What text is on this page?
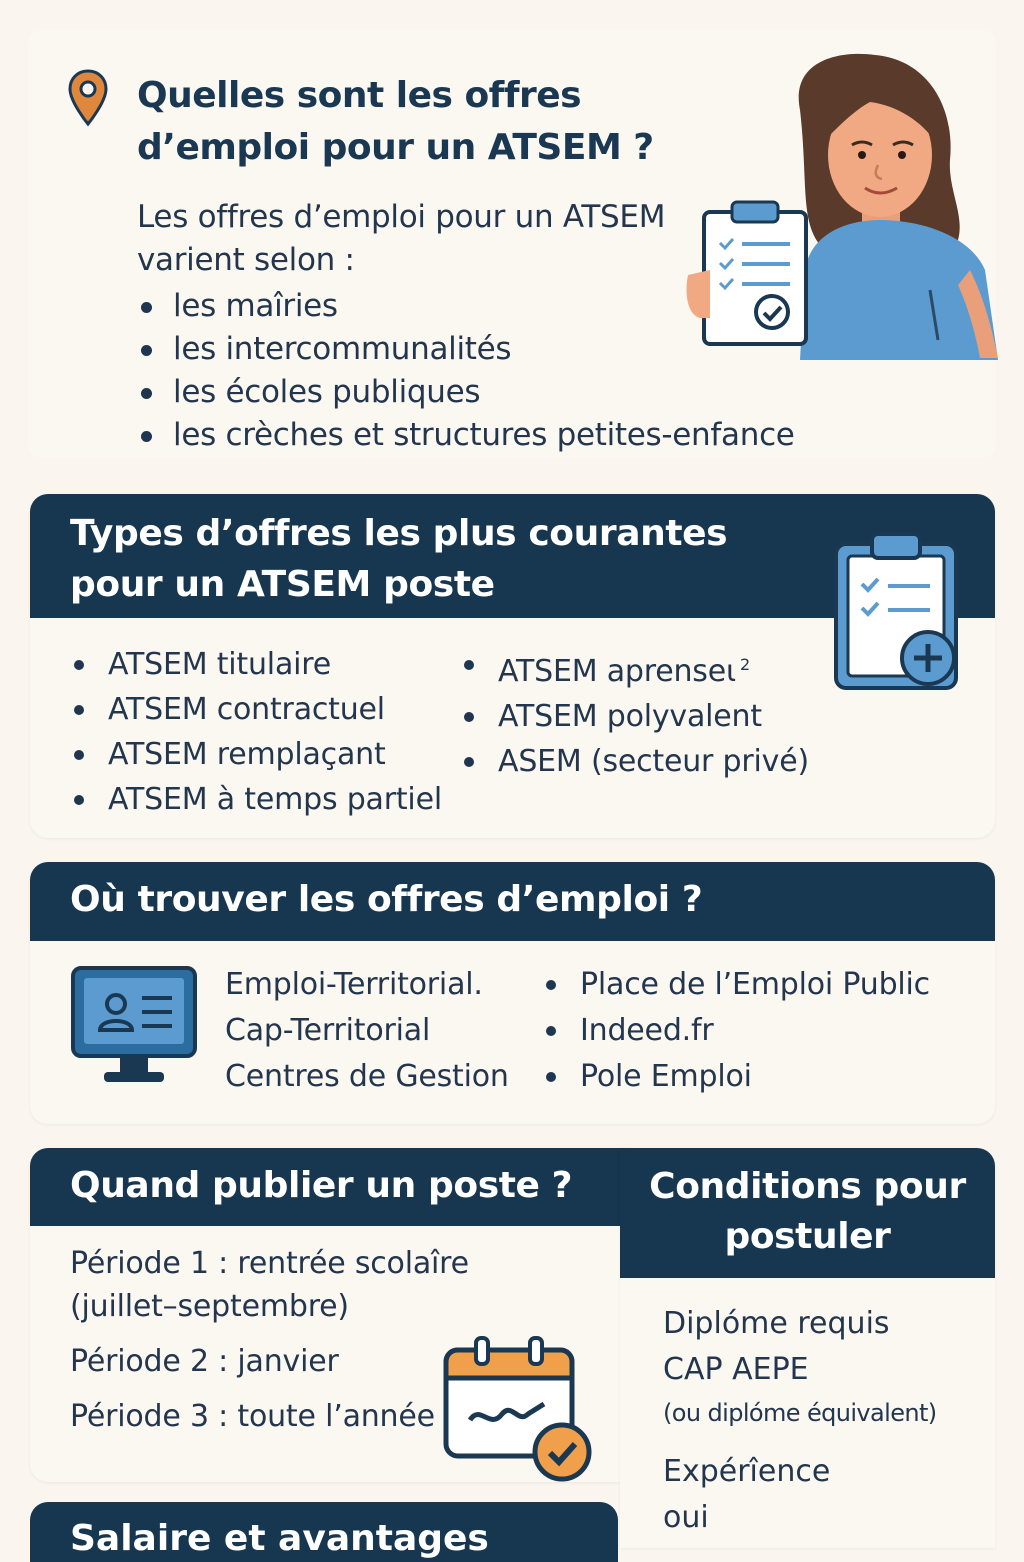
Quelles sont les offres
d’emploi pour un ATSEM ?

Les offres d’emploi pour un ATSEM
varient selon :

les maîries
les intercommunalités
les écoles publiques
les crèches et structures petites-enfance
Types d’offres les plus courantes
pour un ATSEM poste
ATSEM titulaire
ATSEM contractuel
ATSEM remplaçant
ATSEM à temps partiel
ATSEM aprenseι $^2$
ATSEM polyvalent
ASEM (secteur privé)
Où trouver les offres d’emploi ?
Emploi-Territorial.
Cap-Territorial
Centres de Gestion
Place de l’Emploi Public
Indeed.fr
Pole Emploi
Quand publier un poste ?

Période 1 : rentrée scolaîre
(juillet–septembre)

Période 2 : janvier

Période 3 : toute l’année

Conditions pour
postuler

Diplóme requis

CAP AEPE

(ou diplóme équivalent)

Expérîence

oui

Salaire et avantages
